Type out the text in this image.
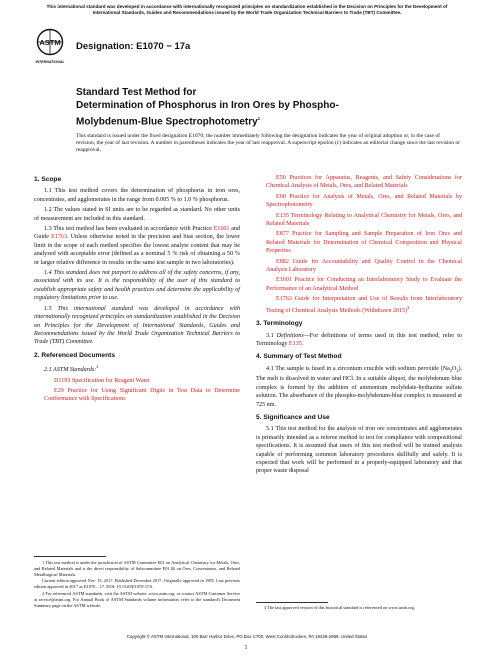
This international standard was developed in accordance with internationally recognized principles on standardization established in the Decision on Principles for the Development of International Standards, Guides and Recommendations issued by the World Trade Organization Technical Barriers to Trade (TBT) Committee.
ASTM
INTERNATIONAL
Designation: E1070 − 17a
Standard Test Method for
Determination of Phosphorus in Iron Ores by Phospho-
Molybdenum-Blue Spectrophotometry$^1$
This standard is issued under the fixed designation E1070; the number immediately following the designation indicates the year of original adoption or, in the case of revision, the year of last revision. A number in parentheses indicates the year of last reapproval. A superscript epsilon (ε) indicates an editorial change since the last revision or reapproval.
1. Scope

1.1 This test method covers the determination of phosphorus in iron ores, concentrates, and agglomerates in the range from 0.005 % to 1.0 % phosphorus.

1.2 The values stated in SI units are to be regarded as standard. No other units of measurement are included in this standard.

1.3 This test method has been evaluated in accordance with Practice E1601 and Guide E1763. Unless otherwise noted in the precision and bias section, the lower limit in the scope of each method specifies the lowest analyte content that may be analyzed with acceptable error (defined as a nominal 5 % risk of obtaining a 50 % or larger relative difference in results on the same test sample in two laboratories).

1.4 This standard does not purport to address all of the safety concerns, if any, associated with its use. It is the responsibility of the user of this standard to establish appropriate safety and health practices and determine the applicability of regulatory limitations prior to use.

1.5 This international standard was developed in accordance with internationally recognized principles on standardization established in the Decision on Principles for the Development of International Standards, Guides and Recommendations issued by the World Trade Organization Technical Barriers to Trade (TBT) Committee.

2. Referenced Documents

2.1 ASTM Standards:$^2$

D1193 Specification for Reagent Water

E29 Practice for Using Significant Digits in Test Data to Determine Conformance with Specifications

E50 Practices for Apparatus, Reagents, and Safety Considerations for Chemical Analysis of Metals, Ores, and Related Materials

E60 Practice for Analysis of Metals, Ores, and Related Materials by Spectrophotometry

E135 Terminology Relating to Analytical Chemistry for Metals, Ores, and Related Materials

E877 Practice for Sampling and Sample Preparation of Iron Ores and Related Materials for Determination of Chemical Composition and Physical Properties

E882 Guide for Accountability and Quality Control in the Chemical Analysis Laboratory

E1601 Practice for Conducting an Interlaboratory Study to Evaluate the Performance of an Analytical Method

E1763 Guide for Interpretation and Use of Results from Interlaboratory Testing of Chemical Analysis Methods (Withdrawn 2015)$^3$

3. Terminology

3.1 Definitions—For definitions of terms used in this test method, refer to Terminology E135.

4. Summary of Test Method

4.1 The sample is fused in a zirconium crucible with sodium peroxide $(Na_2O_2)$. The melt is dissolved in water and HCl. In a suitable aliquot, the molybdenum blue complex is formed by the addition of ammonium molybdate-hydrazine sulfate solution. The absorbance of the phospho-molybdenum-blue complex is measured at 725 nm.

5. Significance and Use

5.1 This test method for the analysis of iron ore concentrates and agglomerates is primarily intended as a referee method to test for compliance with compositional specifications. It is assumed that users of this test method will be trained analysts capable of performing common laboratory procedures skillfully and safely. It is expected that work will be performed in a properly-equipped laboratory and that proper waste disposal

1 This test method is under the jurisdiction of ASTM Committee E01 on Analytical Chemistry for Metals, Ores, and Related Materials and is the direct responsibility of Subcommittee E01.02 on Ores, Concentrates, and Related Metallurgical Materials.

Current edition approved Nov. 15, 2017. Published December 2017. Originally approved in 1985. Last previous edition approved in 2017 as E1070 – 17. DOI: 10.1520/E1070-17A.

2 For referenced ASTM standards, visit the ASTM website, www.astm.org, or contact ASTM Customer Service at service@astm.org. For Annual Book of ASTM Standards volume information, refer to the standard's Document Summary page on the ASTM website.	3 The last approved version of this historical standard is referenced on www.astm.org.

Copyright © ASTM International, 100 Barr Harbor Drive, PO Box C700, West Conshohocken, PA 19428-2959. United States
1
